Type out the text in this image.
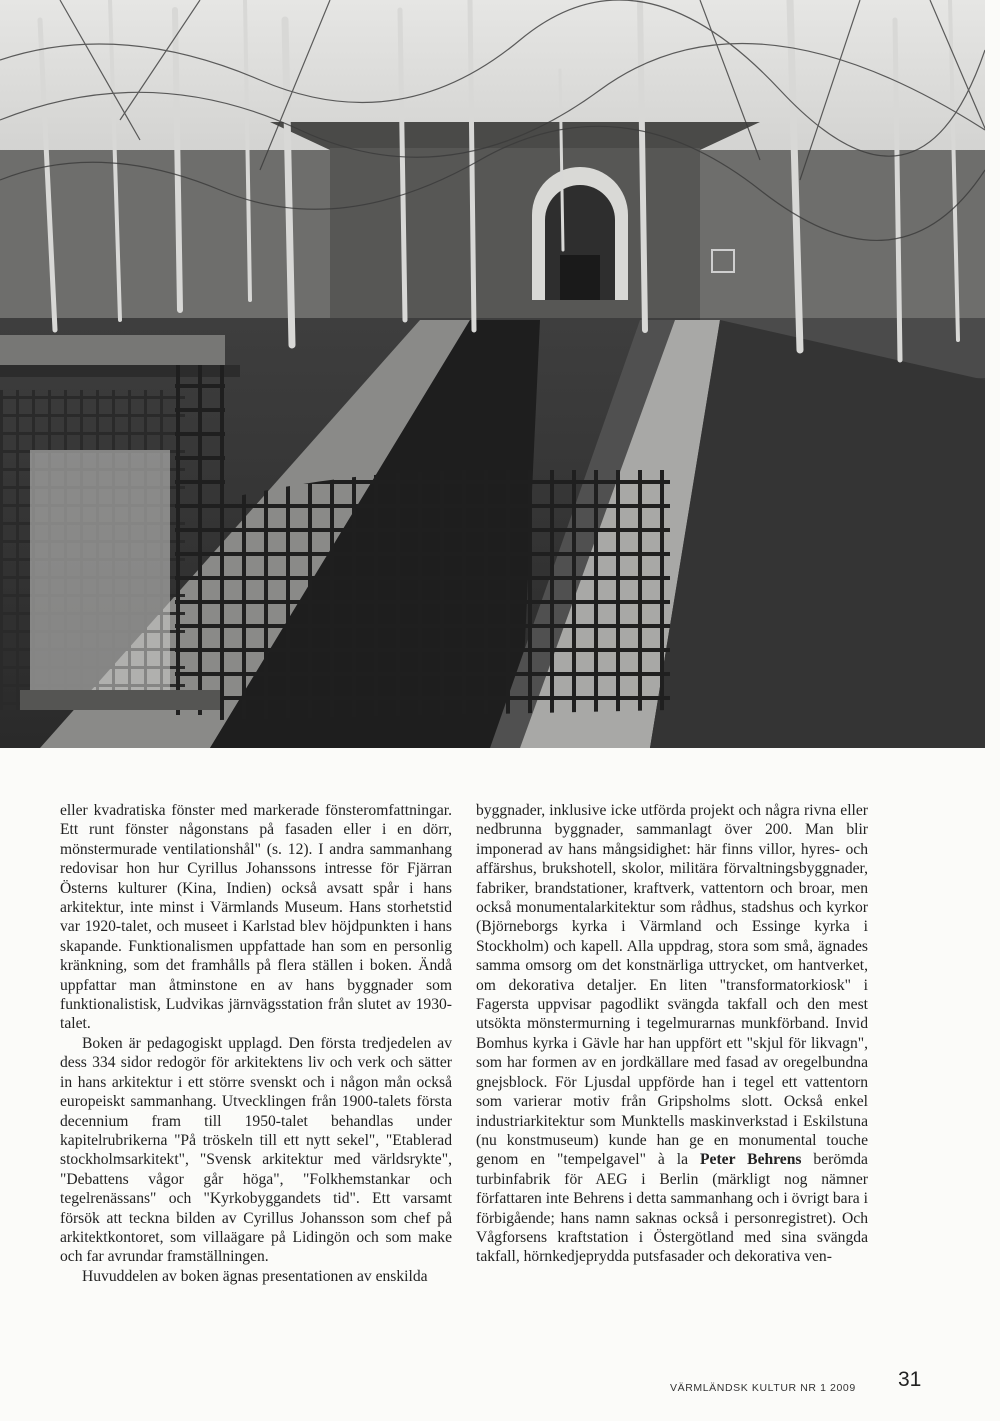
eller kvadratiska fönster med markerade fönsteromfattningar. Ett runt fönster någonstans på fasaden eller i en dörr, mönstermurade ventilationshål" (s. 12). I andra sammanhang redovisar hon hur Cyrillus Johanssons intresse för Fjärran Österns kulturer (Kina, Indien) också avsatt spår i hans arkitektur, inte minst i Värmlands Museum. Hans storhetstid var 1920-talet, och museet i Karlstad blev höjdpunkten i hans skapande. Funktionalismen uppfattade han som en personlig kränkning, som det framhålls på flera ställen i boken. Ändå uppfattar man åtminstone en av hans byggnader som funktionalistisk, Ludvikas järnvägsstation från slutet av 1930-talet.

Boken är pedagogiskt upplagd. Den första tredjedelen av dess 334 sidor redogör för arkitektens liv och verk och sätter in hans arkitektur i ett större svenskt och i någon mån också europeiskt sammanhang. Utvecklingen från 1900-talets första decennium fram till 1950-talet behandlas under kapitelrubrikerna "På tröskeln till ett nytt sekel", "Etablerad stockholmsarkitekt", "Svensk arkitektur med världsrykte", "Debattens vågor går höga", "Folkhemstankar och tegelrenässans" och "Kyrkobyggandets tid". Ett varsamt försök att teckna bilden av Cyrillus Johansson som chef på arkitektkontoret, som villaägare på Lidingön och som make och far avrundar framställningen.

Huvuddelen av boken ägnas presentationen av enskilda

byggnader, inklusive icke utförda projekt och några rivna eller nedbrunna byggnader, sammanlagt över 200. Man blir imponerad av hans mångsidighet: här finns villor, hyres- och affärshus, brukshotell, skolor, militära förvaltningsbyggnader, fabriker, brandstationer, kraftverk, vattentorn och broar, men också monumentalarkitektur som rådhus, stadshus och kyrkor (Björneborgs kyrka i Värmland och Essinge kyrka i Stockholm) och kapell. Alla uppdrag, stora som små, ägnades samma omsorg om det konstnärliga uttrycket, om hantverket, om dekorativa detaljer. En liten "transformatorkiosk" i Fagersta uppvisar pagodlikt svängda takfall och den mest utsökta mönstermurning i tegelmurarnas munkförband. Invid Bomhus kyrka i Gävle har han uppfört ett "skjul för likvagn", som har formen av en jordkällare med fasad av oregelbundna gnejsblock. För Ljusdal uppförde han i tegel ett vattentorn som varierar motiv från Gripsholms slott. Också enkel industriarkitektur som Munktells maskinverkstad i Eskilstuna (nu konstmuseum) kunde han ge en monumental touche genom en "tempelgavel" à la Peter Behrens berömda turbinfabrik för AEG i Berlin (märkligt nog nämner författaren inte Behrens i detta sammanhang och i övrigt bara i förbigående; hans namn saknas också i personregistret). Och Vågforsens kraftstation i Östergötland med sina svängda takfall, hörnkedjeprydda putsfasader och dekorativa ven-

VÄRMLÄNDSK KULTUR NR 1 2009 31
